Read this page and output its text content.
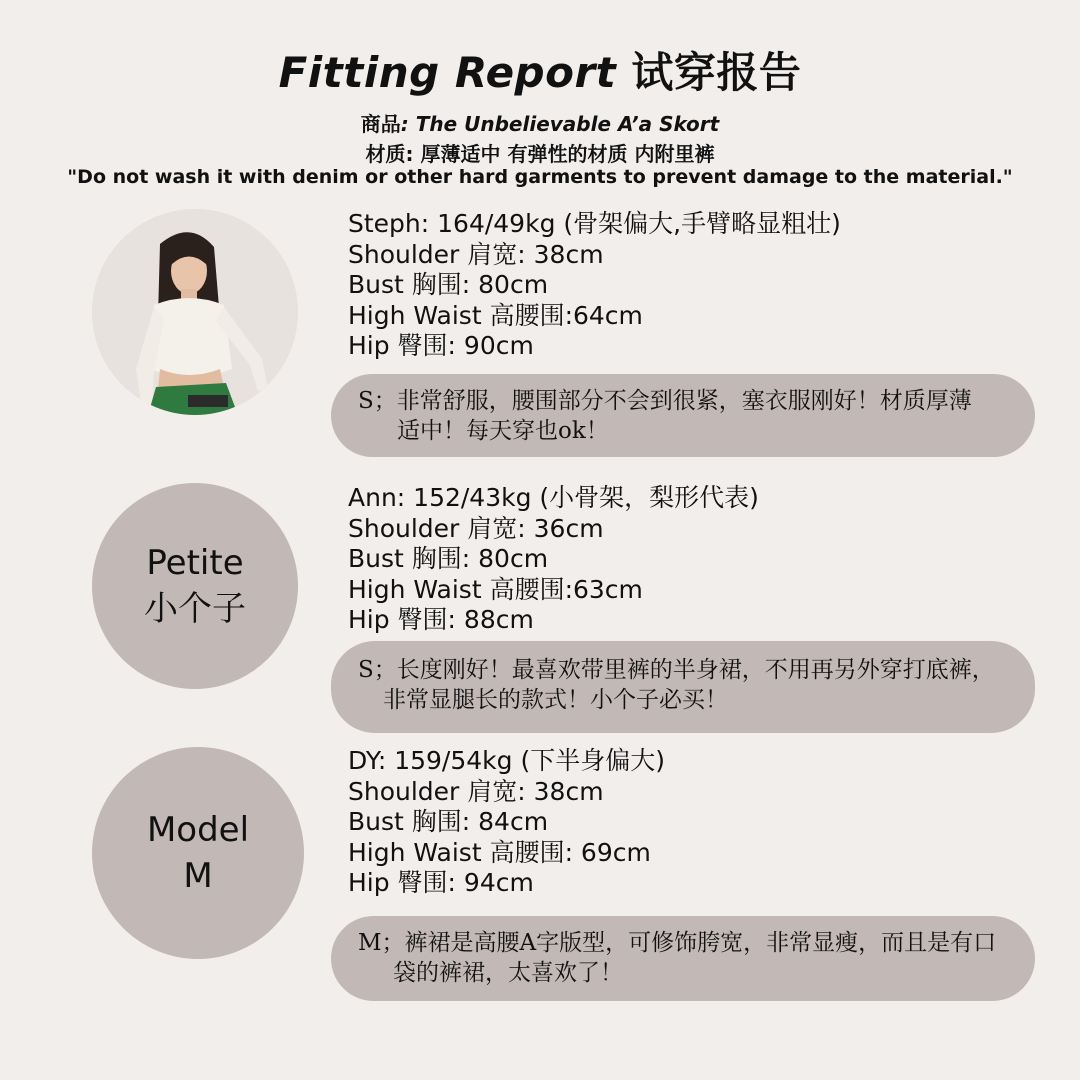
Fitting Report 试穿报告
商品: The Unbelievable A’a Skort
材质: 厚薄适中 有弹性的材质 内附里裤
"Do not wash it with denim or other hard garments to prevent damage to the material."
Steph: 164/49kg (骨架偏大,手臂略显粗壮)
Shoulder 肩宽: 38cm
Bust 胸围: 80cm
High Waist 高腰围:64cm
Hip 臀围: 90cm
S；非常舒服，腰围部分不会到很紧，塞衣服刚好！材质厚薄
适中！每天穿也ok！
Petite
小个子
Ann: 152/43kg (小骨架，梨形代表)
Shoulder 肩宽: 36cm
Bust 胸围: 80cm
High Waist 高腰围:63cm
Hip 臀围: 88cm
S；长度刚好！最喜欢带里裤的半身裙，不用再另外穿打底裤，
非常显腿长的款式！小个子必买！
Model
M
DY: 159/54kg (下半身偏大)
Shoulder 肩宽: 38cm
Bust 胸围: 84cm
High Waist 高腰围: 69cm
Hip 臀围: 94cm
M；裤裙是高腰A字版型，可修饰胯宽，非常显瘦，而且是有口
袋的裤裙，太喜欢了！
